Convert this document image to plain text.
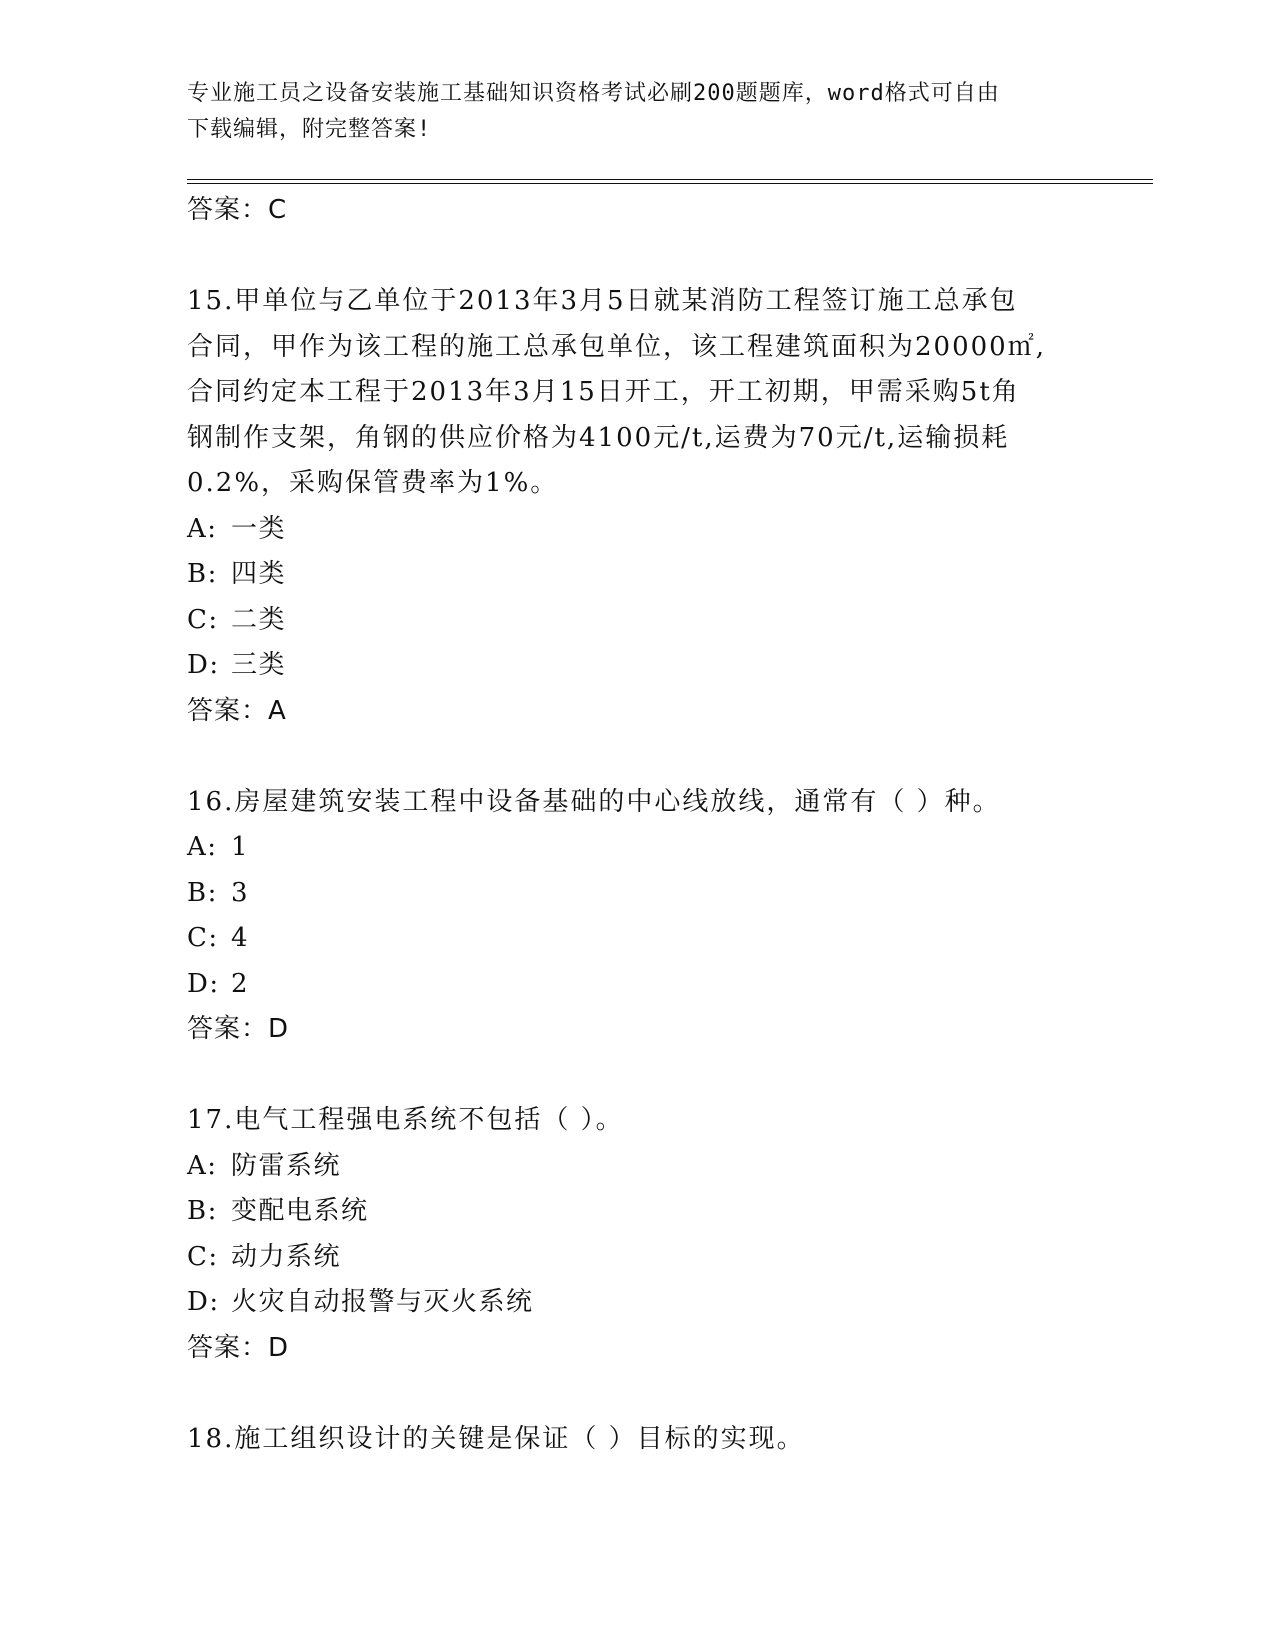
专业施工员之设备安装施工基础知识资格考试必刷200题题库，word格式可自由
下载编辑，附完整答案!
答案：C
15.甲单位与乙单位于2013年3月5日就某消防工程签订施工总承包
合同，甲作为该工程的施工总承包单位，该工程建筑面积为20000㎡,
合同约定本工程于2013年3月15日开工，开工初期，甲需采购5t角
钢制作支架，角钢的供应价格为4100元/t,运费为70元/t,运输损耗
0.2%，采购保管费率为1%。
A: 一类
B: 四类
C: 二类
D: 三类
答案：A
16.房屋建筑安装工程中设备基础的中心线放线，通常有（ ）种。
A: 1
B: 3
C: 4
D: 2
答案：D
17.电气工程强电系统不包括（ ）。
A: 防雷系统
B: 变配电系统
C: 动力系统
D: 火灾自动报警与灭火系统
答案：D
18.施工组织设计的关键是保证（ ）目标的实现。
